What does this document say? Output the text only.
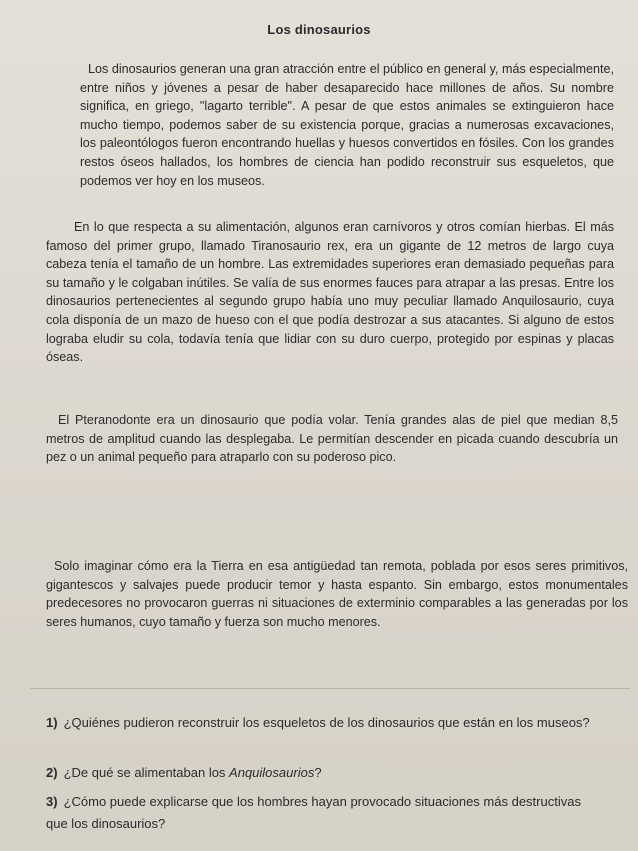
Los dinosaurios

Los dinosaurios generan una gran atracción entre el público en general y, más especialmente, entre niños y jóvenes a pesar de haber desaparecido hace millones de años. Su nombre significa, en griego, "lagarto terrible". A pesar de que estos animales se extinguieron hace mucho tiempo, podemos saber de su existencia porque, gracias a numerosas excavaciones, los paleontólogos fueron encontrando huellas y huesos convertidos en fósiles. Con los grandes restos óseos hallados, los hombres de ciencia han podido reconstruir sus esqueletos, que podemos ver hoy en los museos.

En lo que respecta a su alimentación, algunos eran carnívoros y otros comían hierbas. El más famoso del primer grupo, llamado Tiranosaurio rex, era un gigante de 12 metros de largo cuya cabeza tenía el tamaño de un hombre. Las extremidades superiores eran demasiado pequeñas para su tamaño y le colgaban inútiles. Se valía de sus enormes fauces para atrapar a las presas. Entre los dinosaurios pertenecientes al segundo grupo había uno muy peculiar llamado Anquilosaurio, cuya cola disponía de un mazo de hueso con el que podía destrozar a sus atacantes. Si alguno de estos lograba eludir su cola, todavía tenía que lidiar con su duro cuerpo, protegido por espinas y placas óseas.

El Pteranodonte era un dinosaurio que podía volar. Tenía grandes alas de piel que median 8,5 metros de amplitud cuando las desplegaba. Le permitían descender en picada cuando descubría un pez o un animal pequeño para atraparlo con su poderoso pico.

Solo imaginar cómo era la Tierra en esa antigüedad tan remota, poblada por esos seres primitivos, gigantescos y salvajes puede producir temor y hasta espanto. Sin embargo, estos monumentales predecesores no provocaron guerras ni situaciones de exterminio comparables a las generadas por los seres humanos, cuyo tamaño y fuerza son mucho menores.

1) ¿Quiénes pudieron reconstruir los esqueletos de los dinosaurios que están en los museos?

2) ¿De qué se alimentaban los Anquilosaurios?

3) ¿Cómo puede explicarse que los hombres hayan provocado situaciones más destructivas que los dinosaurios?
